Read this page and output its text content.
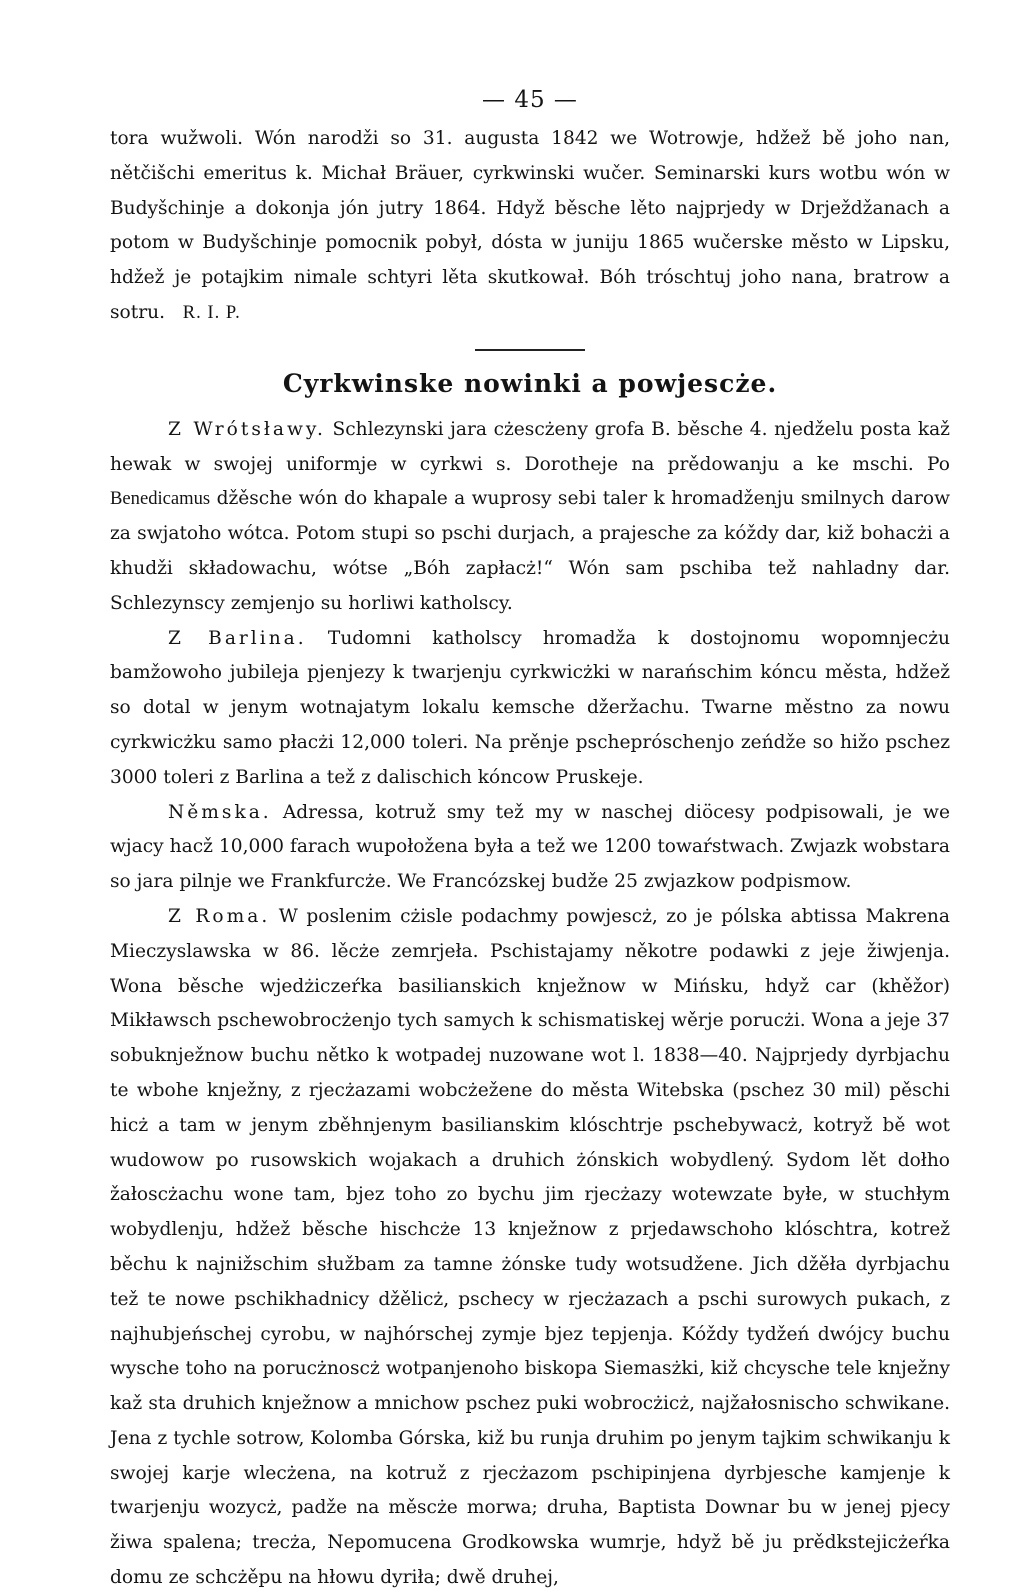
— 45 —

tora wužwoli. Wón narodži so 31. augusta 1842 we Wotrowje, hdžež bě joho nan, nětčišchi emeritus k. Michał Bräuer, cyrkwinski wučer. Seminarski kurs wotbu wón w Budyšchinje a dokonja jón jutry 1864. Hdyž běsche lěto najprjedy w Drježdžanach a potom w Budyšchinje pomocnik pobył, dósta w juniju 1865 wučerske město w Lipsku, hdžež je potajkim nimale schtyri lěta skutkował. Bóh tróschtuj joho nana, bratrow a sotru. R. I. P.

Cyrkwinske nowinki a powjescże.

Z Wrótsławy. Schlezynski jara cżescżeny grofa B. běsche 4. njedželu posta kaž hewak w swojej uniformje w cyrkwi s. Dorotheje na prědowanju a ke mschi. Po Benedicamus džěsche wón do khapale a wuprosy sebi taler k hromadženju smilnych darow za swjatoho wótca. Potom stupi so pschi durjach, a prajesche za kóždy dar, kiž bohacżi a khudži składowachu, wótse „Bóh zapłacż!“ Wón sam pschiba tež nahladny dar. Schlezynscy zemjenjo su horliwi katholscy.

Z Barlina. Tudomni katholscy hromadža k dostojnomu wopomnjecżu bamžowoho jubileja pjenjezy k twarjenju cyrkwicżki w narańschim kóncu města, hdžež so dotal w jenym wotnajatym lokalu kemsche džeržachu. Twarne městno za nowu cyrkwicżku samo płacżi 12,000 toleri. Na prěnje pschepróschenjo zeńdže so hižo pschez 3000 toleri z Barlina a tež z dalischich kóncow Pruskeje.

Němska. Adressa, kotruž smy tež my w naschej diöcesy podpisowali, je we wjacy hacž 10,000 farach wupołožena była a tež we 1200 towaŕstwach. Zwjazk wobstara so jara pilnje we Frankfurcże. We Francózskej budže 25 zwjazkow podpismow.

Z Roma. W poslenim cżisle podachmy powjescż, zo je pólska abtissa Makrena Mieczyslawska w 86. lěcże zemrjeła. Pschistajamy někotre podawki z jeje žiwjenja. Wona běsche wjedżiczeŕka basilianskich knježnow w Mińsku, hdyž car (khěžor) Mikławsch pschewobrocżenjo tych samych k schismatiskej wěrje porucżi. Wona a jeje 37 sobuknježnow buchu nětko k wotpadej nuzowane wot l. 1838—40. Najprjedy dyrbjachu te wbohe knježny, z rjecżazami wobcżežene do města Witebska (pschez 30 mil) pěschi hicż a tam w jenym zběhnjenym basilianskim klóschtrje pschebywacż, kotryž bě wot wudowow po rusowskich wojakach a druhich żónskich wobydlený. Sydom lět dołho žałoscżachu wone tam, bjez toho zo bychu jim rjecżazy wotewzate byłe, w stuchłym wobydlenju, hdžež běsche hischcże 13 knježnow z prjedawschoho klóschtra, kotrež běchu k najnižschim słužbam za tamne żónske tudy wotsudžene. Jich džěła dyrbjachu tež te nowe pschikhadnicy džělicż, pschecy w rjecżazach a pschi surowych pukach, z najhubjeńschej cyrobu, w najhórschej zymje bjez tepjenja. Kóždy tydžeń dwójcy buchu wysche toho na porucżnoscż wotpanjenoho biskopa Siemasżki, kiž chcysche tele knježny kaž sta druhich knježnow a mnichow pschez puki wobrocżicż, najžałosnischo schwikane. Jena z tychle sotrow, Kolomba Górska, kiž bu runja druhim po jenym tajkim schwikanju k swojej karje wlecżena, na kotruž z rjecżazom pschipinjena dyrbjesche kamjenje k twarjenju wozycż, padže na měscże morwa; druha, Baptista Downar bu w jenej pjecy žiwa spalena; trecża, Nepomucena Grodkowska wumrje, hdyž bě ju prědkstejicżeŕka domu ze schcżěpu na hłowu dyriła; dwě druhej,
